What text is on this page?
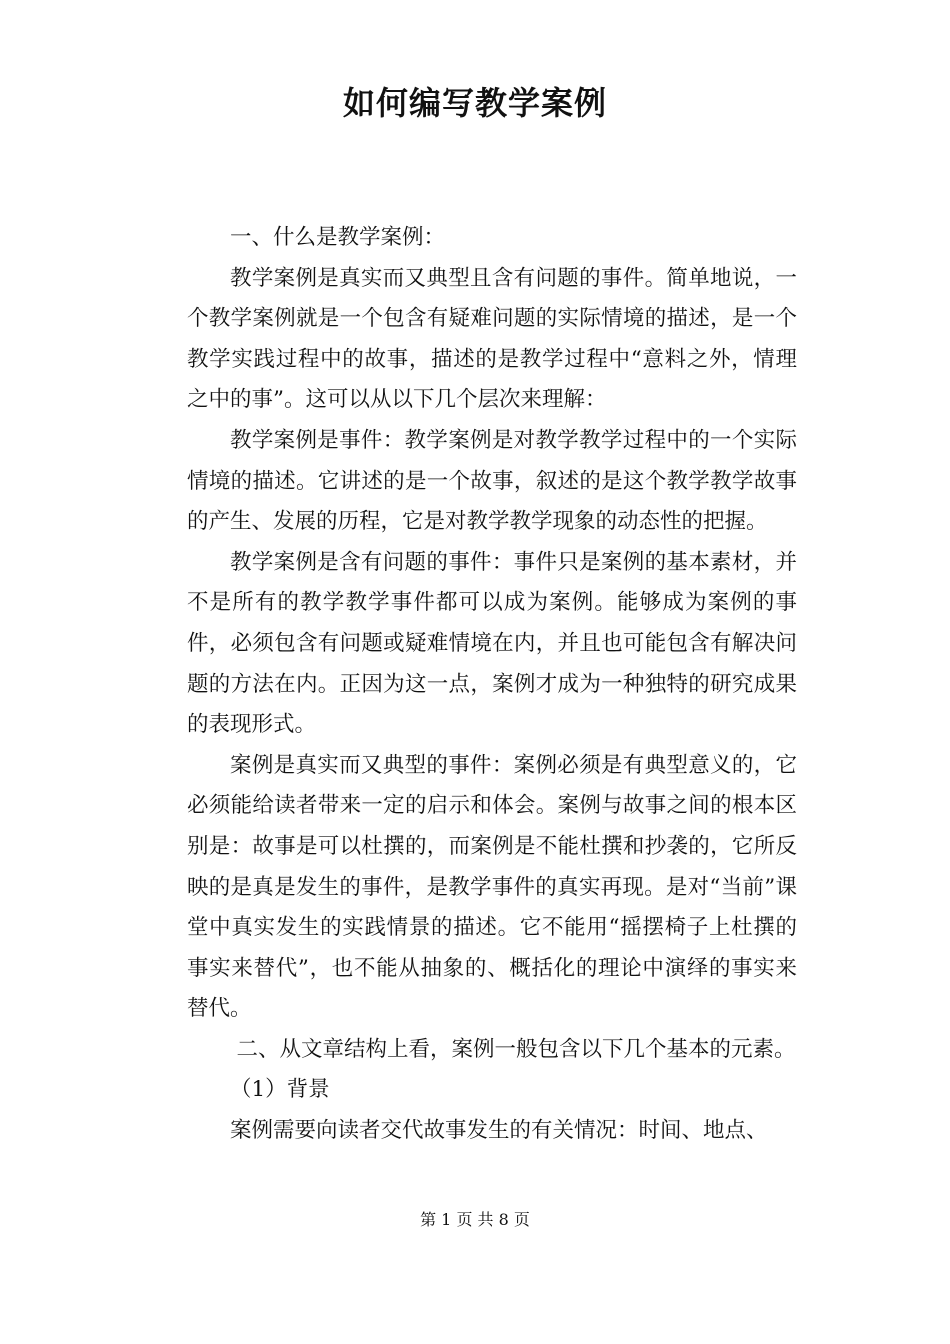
如何编写教学案例

一、什么是教学案例：

教学案例是真实而又典型且含有问题的事件。简单地说，一个教学案例就是一个包含有疑难问题的实际情境的描述，是一个教学实践过程中的故事，描述的是教学过程中“意料之外，情理之中的事”。这可以从以下几个层次来理解：

教学案例是事件：教学案例是对教学教学过程中的一个实际情境的描述。它讲述的是一个故事，叙述的是这个教学教学故事的产生、发展的历程，它是对教学教学现象的动态性的把握。

教学案例是含有问题的事件：事件只是案例的基本素材，并不是所有的教学教学事件都可以成为案例。能够成为案例的事件，必须包含有问题或疑难情境在内，并且也可能包含有解决问题的方法在内。正因为这一点，案例才成为一种独特的研究成果的表现形式。

案例是真实而又典型的事件：案例必须是有典型意义的，它必须能给读者带来一定的启示和体会。案例与故事之间的根本区别是：故事是可以杜撰的，而案例是不能杜撰和抄袭的，它所反映的是真是发生的事件，是教学事件的真实再现。是对“当前”课堂中真实发生的实践情景的描述。它不能用“摇摆椅子上杜撰的事实来替代”，也不能从抽象的、概括化的理论中演绎的事实来替代。

二、从文章结构上看，案例一般包含以下几个基本的元素。

（1）背景

案例需要向读者交代故事发生的有关情况：时间、地点、

第 1 页 共 8 页
